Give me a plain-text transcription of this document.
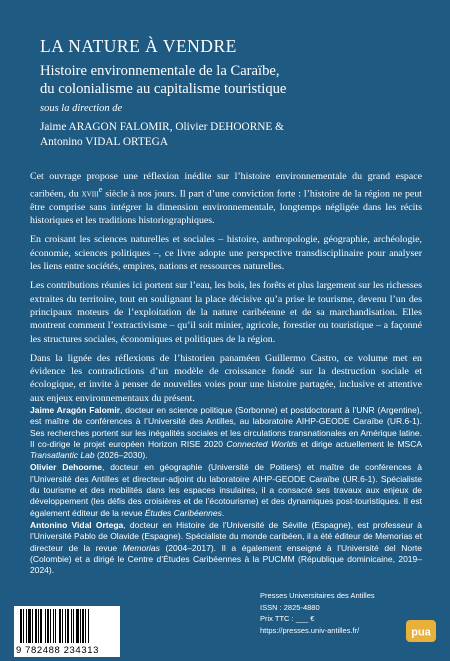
LA NATURE À VENDRE
Histoire environnementale de la Caraïbe,
du colonialisme au capitalisme touristique
sous la direction de
Jaime ARAGON FALOMIR, Olivier DEHOORNE &
Antonino VIDAL ORTEGA

Cet ouvrage propose une réflexion inédite sur l’histoire environnementale du grand espace caribéen, du xviii$^e$ siècle à nos jours. Il part d’une conviction forte : l’histoire de la région ne peut être comprise sans intégrer la dimension environnementale, longtemps négligée dans les récits historiques et les traditions historiographiques.

En croisant les sciences naturelles et sociales – histoire, anthropologie, géographie, archéologie, économie, sciences politiques –, ce livre adopte une perspective transdisciplinaire pour analyser les liens entre sociétés, empires, nations et ressources naturelles.

Les contributions réunies ici portent sur l’eau, les bois, les forêts et plus largement sur les richesses extraites du territoire, tout en soulignant la place décisive qu’a prise le tourisme, devenu l’un des principaux moteurs de l’exploitation de la nature caribéenne et de sa marchandisation. Elles montrent comment l’extractivisme – qu’il soit minier, agricole, forestier ou touristique – a façonné les structures sociales, économiques et politiques de la région.

Dans la lignée des réflexions de l’historien panaméen Guillermo Castro, ce volume met en évidence les contradictions d’un modèle de croissance fondé sur la destruction sociale et écologique, et invite à penser de nouvelles voies pour une histoire partagée, inclusive et attentive aux enjeux environnementaux du présent.

Jaime Aragón Falomir, docteur en science politique (Sorbonne) et postdoctorant à l’UNR (Argentine), est maître de conférences à l’Université des Antilles, au laboratoire AIHP-GEODE Caraïbe (UR.6-1). Ses recherches portent sur les inégalités sociales et les circulations transnationales en Amérique latine. Il co-dirige le projet européen Horizon RISE 2020 Connected Worlds et dirige actuellement le MSCA Transatlantic Lab (2026–2030).

Olivier Dehoorne, docteur en géographie (Université de Poitiers) et maître de conférences à l’Université des Antilles et directeur-adjoint du laboratoire AIHP-GEODE Caraïbe (UR.6-1). Spécialiste du tourisme et des mobilités dans les espaces insulaires, il a consacré ses travaux aux enjeux de développement (les défis des croisières et de l’écotourisme) et des dynamiques post-touristiques. Il est également éditeur de la revue Études Caribéennes.

Antonino Vidal Ortega, docteur en Histoire de l’Université de Séville (Espagne), est professeur à l’Université Pablo de Olavide (Espagne). Spécialiste du monde caribéen, il a été éditeur de Memorias et directeur de la revue Memorias (2004–2017). Il a également enseigné à l’Université del Norte (Colombie) et a dirigé le Centre d’Études Caribéennes à la PUCMM (République dominicaine, 2019–2024).

9 782488 234313
Presses Universitaires des Antilles
ISSN : 2825-4880
Prix TTC : ___ €
https://presses.univ-antilles.fr/	pua
